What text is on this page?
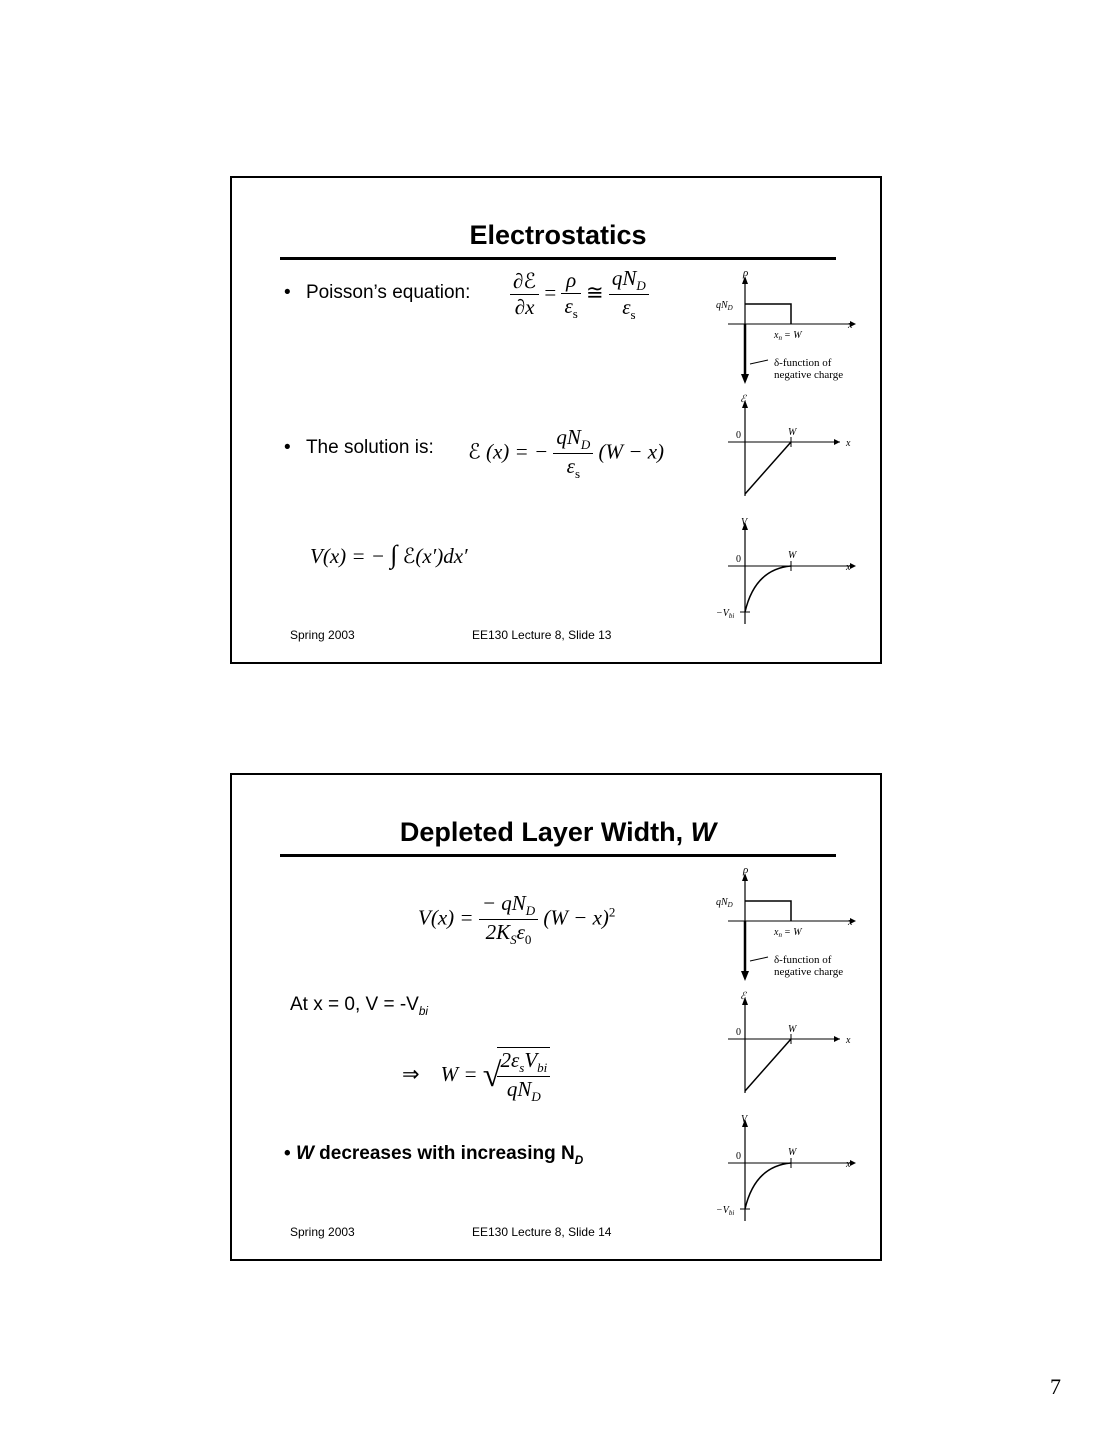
Electrostatics
• Poisson’s equation: $\frac{\text{∂ℰ}}{\partial x} = \frac{\rho}{\varepsilon_s}$ ≅ $\frac{qN_D}{\varepsilon_s}$
• The solution is: ℰ (x) = − $\frac{qN_D}{\varepsilon_s} (W - x)$
V(x) = − ∫ ℰ(x′)dx′
ρ
$qN_D$
x
$x_n = W$
δ-function of
negative charge
ℰ
0	W
x
V
0	W
x
$-V_{bi}$
Spring 2003	EE130 Lecture 8, Slide 13
Depleted Layer Width, W
$V(x) = \frac{- qN_D}{2K_S\varepsilon_0} (W - x)^2$
At x = 0, $V = -V_{bi}$
⇒    W = √
$\frac{2\varepsilon_sV_{bi}}{qN_D}$
• W decreases with increasing $N_D$
ρ
$qN_D$
x
$x_n = W$
δ-function of
negative charge
ℰ
0	W
x
V
0	W
x
$-V_{bi}$
Spring 2003	EE130 Lecture 8, Slide 14
7
